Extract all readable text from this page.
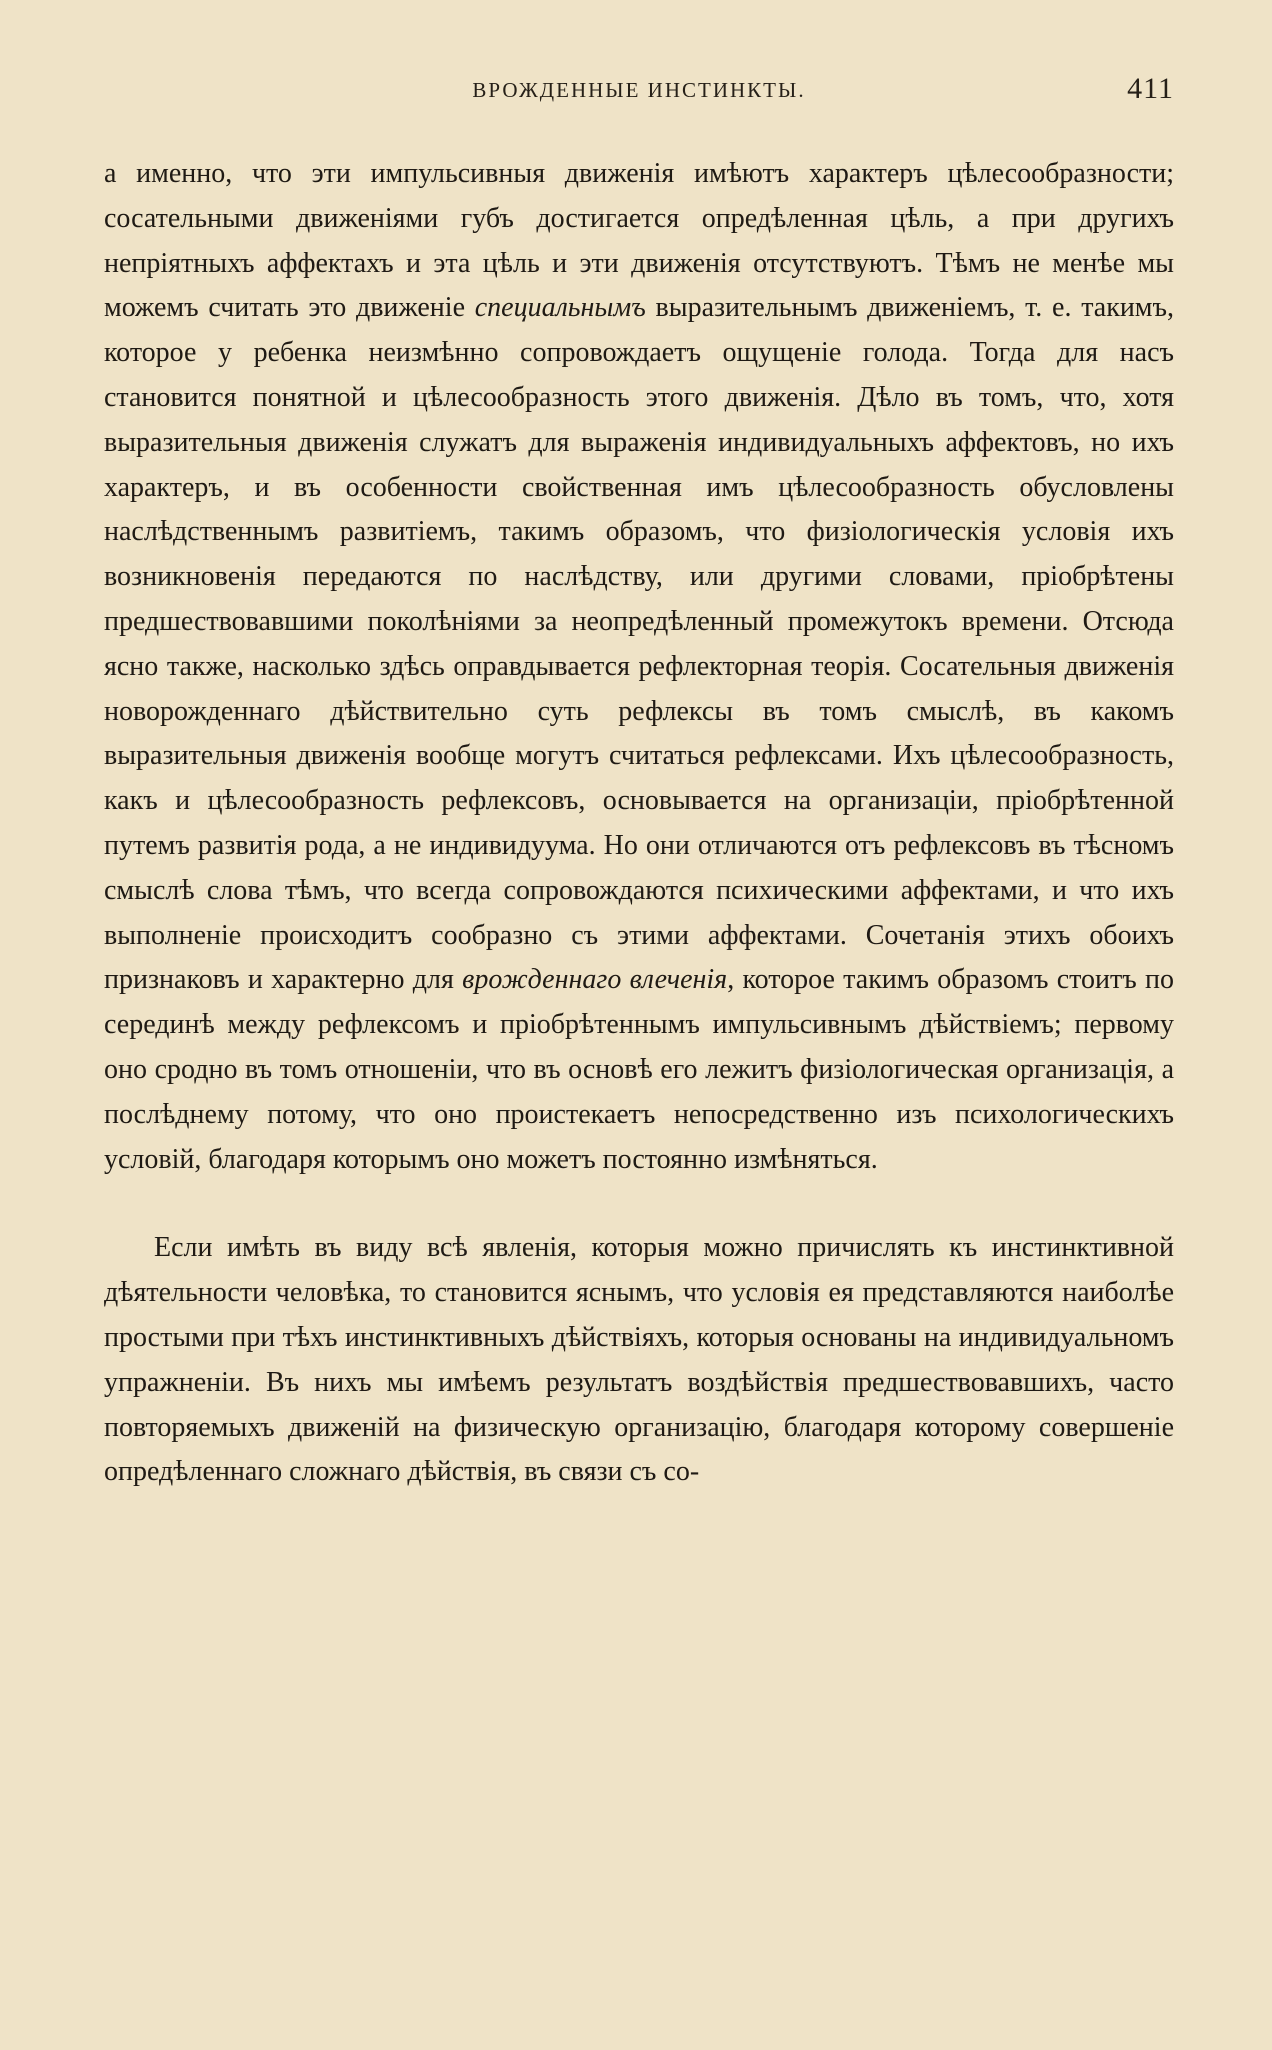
ВРОЖДЕННЫЕ ИНСТИНКТЫ.	411

а именно, что эти импульсивныя движенiя имѣютъ характеръ цѣлесообразности; сосательными движенiями губъ достигается опредѣленная цѣль, а при другихъ непрiятныхъ аффектахъ и эта цѣль и эти движенiя отсутствуютъ. Тѣмъ не менѣе мы можемъ считать это движенiе специальнымъ выразительнымъ движенiемъ, т. е. такимъ, которое у ребенка неизмѣнно сопровождаетъ ощущенiе голода. Тогда для насъ становится понятной и цѣлесообразность этого движенiя. Дѣло въ томъ, что, хотя выразительныя движенiя служатъ для выраженiя индивидуальныхъ аффектовъ, но ихъ характеръ, и въ особенности свойственная имъ цѣлесообразность обусловлены наслѣдственнымъ развитiемъ, такимъ образомъ, что физiологическiя условiя ихъ возникновенiя передаются по наслѣдству, или другими словами, прiобрѣтены предшествовавшими поколѣнiями за неопредѣленный промежутокъ времени. Отсюда ясно также, насколько здѣсь оправдывается рефлекторная теорiя. Сосательныя движенiя новорожденнаго дѣйствительно суть рефлексы въ томъ смыслѣ, въ какомъ выразительныя движенiя вообще могутъ считаться рефлексами. Ихъ цѣлесообразность, какъ и цѣлесообразность рефлексовъ, основывается на организацiи, прiобрѣтенной путемъ развитiя рода, а не индивидуума. Но они отличаются отъ рефлексовъ въ тѣсномъ смыслѣ слова тѣмъ, что всегда сопровождаются психическими аффектами, и что ихъ выполненiе происходитъ сообразно съ этими аффектами. Сочетанiя этихъ обоихъ признаковъ и характерно для врожденнаго влеченiя, которое такимъ образомъ стоитъ по серединѣ между рефлексомъ и прiобрѣтеннымъ импульсивнымъ дѣйствiемъ; первому оно сродно въ томъ отношенiи, что въ основѣ его лежитъ физiологическая организацiя, а послѣднему потому, что оно проистекаетъ непосредственно изъ психологическихъ условiй, благодаря которымъ оно можетъ постоянно измѣняться.

Если имѣть въ виду всѣ явленiя, которыя можно причислять къ инстинктивной дѣятельности человѣка, то становится яснымъ, что условiя ея представляются наиболѣе простыми при тѣхъ инстинктивныхъ дѣйствiяхъ, которыя основаны на индивидуальномъ упражненiи. Въ нихъ мы имѣемъ результатъ воздѣйствiя предшествовавшихъ, часто повторяемыхъ движенiй на физическую организацiю, благодаря которому совершенiе опредѣленнаго сложнаго дѣйствiя, въ связи съ со-
